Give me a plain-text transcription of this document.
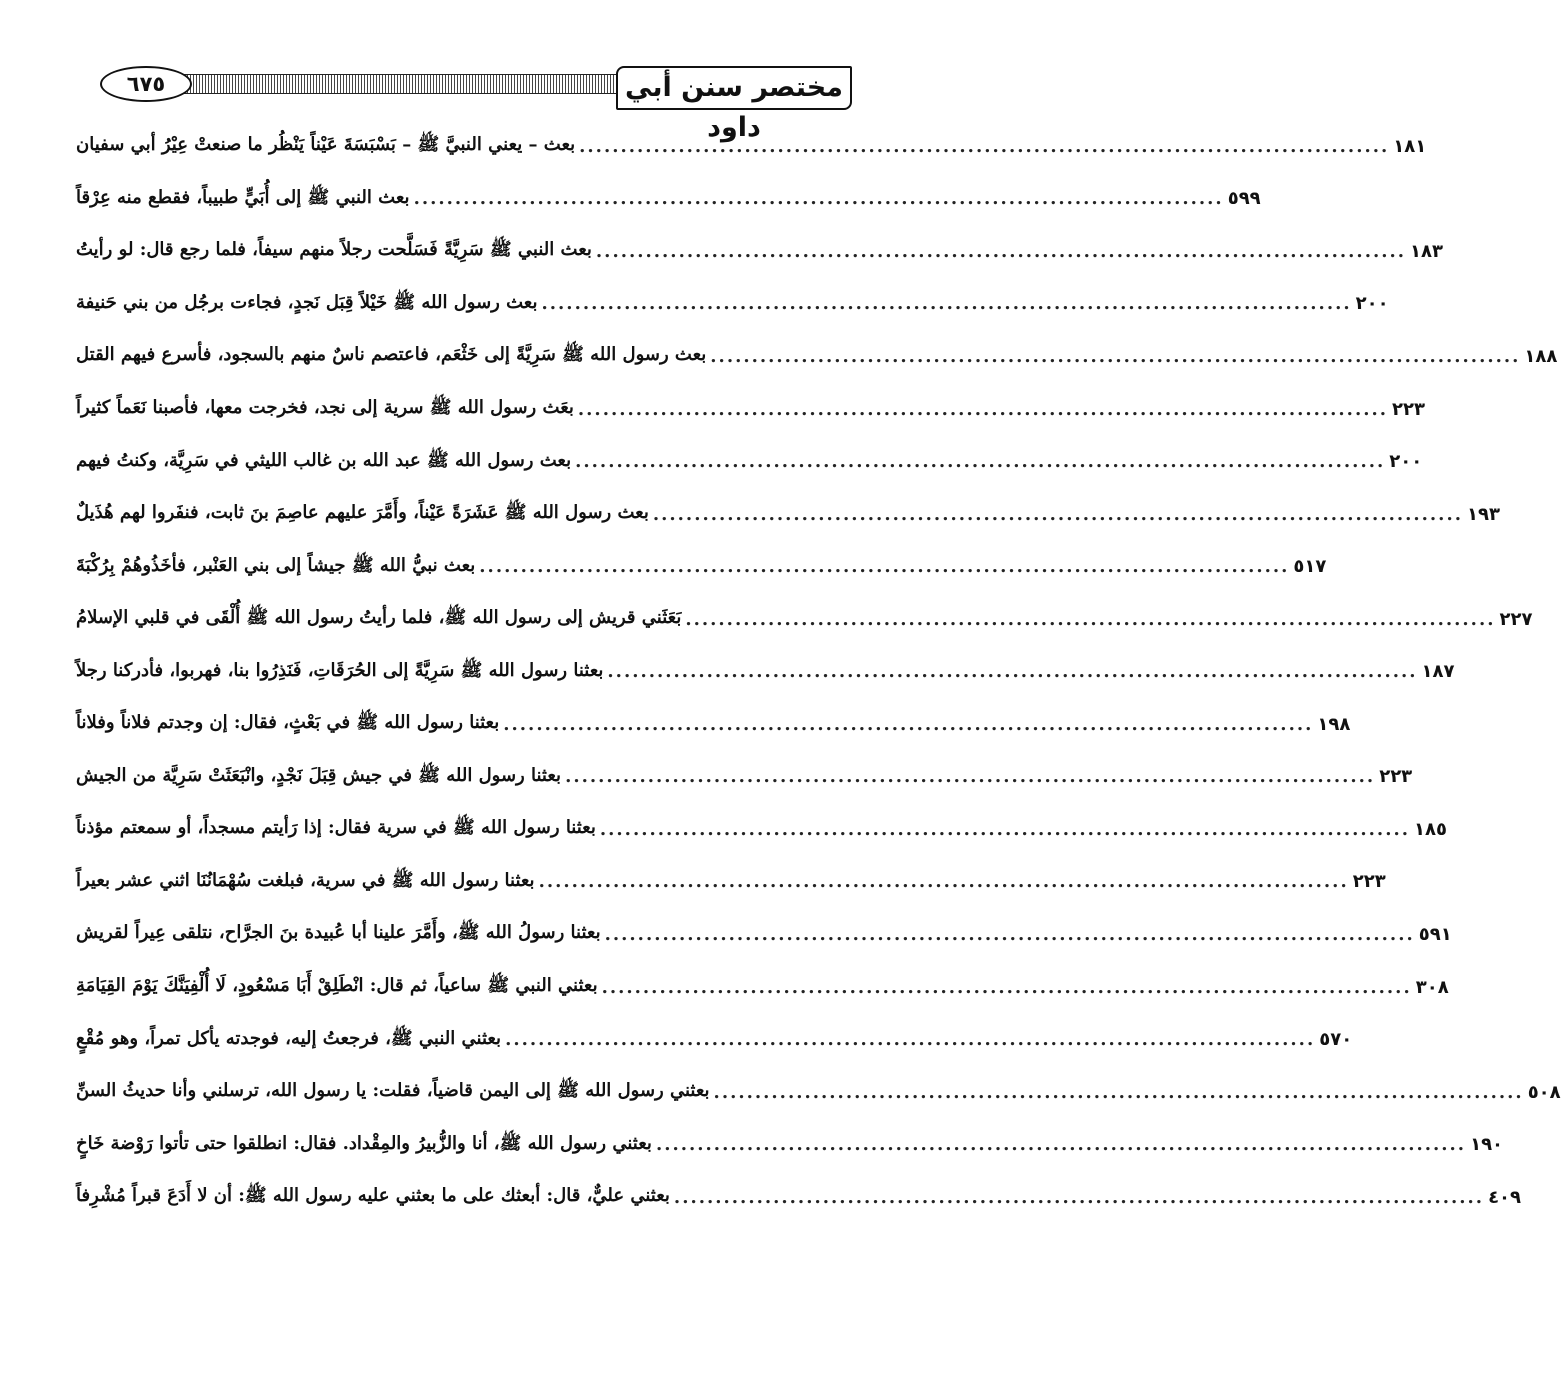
مختصر سنن أبي داود
٦٧٥
بعث – يعني النبيَّ ﷺ – بَسْبَسَةَ عَيْناً يَنْظُر ما صنعتْ عِيْرُ أبي سفيان .................................................................................................. ١٨١
بعث النبي ﷺ إلى أُبَيٍّ طبيباً، فقطع منه عِرْقاً .................................................................................................. ٥٩٩
بعث النبي ﷺ سَرِيَّةً فَسَلَّحت رجلاً منهم سيفاً، فلما رجع قال: لو رأيتُ .................................................................................................. ١٨٣
بعث رسول الله ﷺ خَيْلاً قِبَل نَجدٍ، فجاءت برجُل من بني حَنيفة .................................................................................................. ٢٠٠
بعث رسول الله ﷺ سَرِيَّةً إلى خَثْعَم، فاعتصم ناسٌ منهم بالسجود، فأسرع فيهم القتل .................................................................................................. ١٨٨
بعَث رسول الله ﷺ سرية إلى نجد، فخرجت معها، فأصبنا نَعَماً كثيراً .................................................................................................. ٢٢٣
بعث رسول الله ﷺ عبد الله بن غالب الليثي في سَرِيَّة، وكنتُ فيهم .................................................................................................. ٢٠٠
بعث رسول الله ﷺ عَشَرَةً عَيْناً، وأَمَّرَ عليهم عاصِمَ بنَ ثابت، فنفَروا لهم هُذَيلٌ .................................................................................................. ١٩٣
بعث نبيُّ الله ﷺ جيشاً إلى بني العَنْبر، فأخَذُوهُمْ بِرُكْبَةَ .................................................................................................. ٥١٧
بَعَثَني قريش إلى رسول الله ﷺ، فلما رأيتُ رسول الله ﷺ أُلْقَى في قلبي الإسلامُ .................................................................................................. ٢٢٧
بعثنا رسول الله ﷺ سَرِيَّةً إلى الحُرَقَاتِ، فَنَذِرُوا بنا، فهربوا، فأدركنا رجلاً .................................................................................................. ١٨٧
بعثنا رسول الله ﷺ في بَعْثٍ، فقال: إن وجدتم فلاناً وفلاناً .................................................................................................. ١٩٨
بعثنا رسول الله ﷺ في جيش قِبَلَ نَجْدٍ، وانْبَعَثَتْ سَرِيَّة من الجيش .................................................................................................. ٢٢٣
بعثنا رسول الله ﷺ في سرية فقال: إذا رَأيتم مسجداً، أو سمعتم مؤذناً .................................................................................................. ١٨٥
بعثنا رسول الله ﷺ في سرية، فبلغت سُهْمَانُنَا اثني عشر بعيراً .................................................................................................. ٢٢٣
بعثنا رسولُ الله ﷺ، وأَمَّرَ علينا أبا عُبيدة بنَ الجرَّاح، نتلقى عِيراً لقريش .................................................................................................. ٥٩١
بعثني النبي ﷺ ساعياً، ثم قال: انْطَلِقْ أَبَا مَسْعُودٍ، لَا أُلْفِيَنَّكَ يَوْمَ القِيَامَةِ .................................................................................................. ٣٠٨
بعثني النبي ﷺ، فرجعتُ إليه، فوجدته يأكل تمراً، وهو مُقْعٍ .................................................................................................. ٥٧٠
بعثني رسول الله ﷺ إلى اليمن قاضياً، فقلت: يا رسول الله، ترسلني وأنا حديثُ السنِّ .................................................................................................. ٥٠٨
بعثني رسول الله ﷺ، أنا والزُّبيرُ والمِقْداد. فقال: انطلقوا حتى تأتوا رَوْضة خَاخٍ .................................................................................................. ١٩٠
بعثني عليٌّ، قال: أبعثك على ما بعثني عليه رسول الله ﷺ: أن لا أَدَعَ قبراً مُشْرِفاً .................................................................................................. ٤٠٩
